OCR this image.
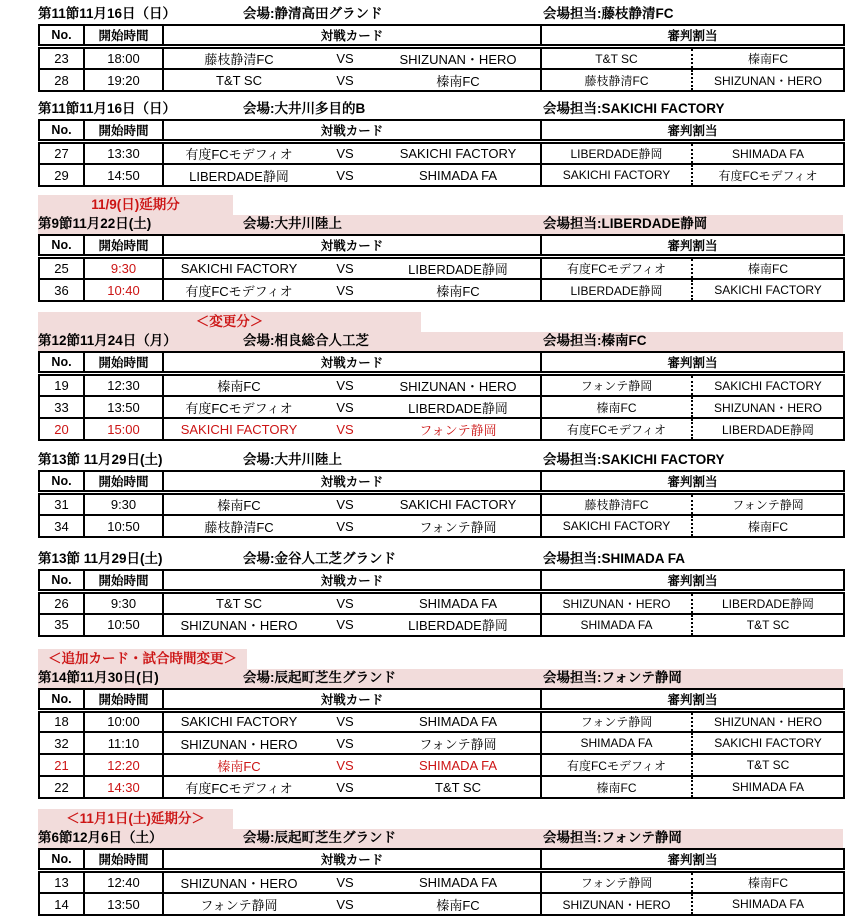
第11節11月16日（日）	会場:静清高田グランド	会場担当:藤枝静清FC
No.	開始時間	対戦カード	審判割当	
23	18:00	藤枝静清FC VS SHIZUNAN・HERO	T&T SC	榛南FC
28	19:20	T&T SC VS 榛南FC	藤枝静清FC	SHIZUNAN・HERO
第11節11月16日（日）	会場:大井川多目的B	会場担当:SAKICHI FACTORY
No.	開始時間	対戦カード	審判割当	
27	13:30	有度FCモデフィオ VS SAKICHI FACTORY	LIBERDADE静岡	SHIMADA FA
29	14:50	LIBERDADE静岡 VS SHIMADA FA	SAKICHI FACTORY	有度FCモデフィオ
11/9(日)延期分
第9節11月22日(土)	会場:大井川陸上	会場担当:LIBERDADE静岡
No.	開始時間	対戦カード	審判割当	
25	9:30	SAKICHI FACTORY VS LIBERDADE静岡	有度FCモデフィオ	榛南FC
36	10:40	有度FCモデフィオ VS 榛南FC	LIBERDADE静岡	SAKICHI FACTORY
＜変更分＞
第12節11月24日（月）	会場:相良総合人工芝	会場担当:榛南FC
No.	開始時間	対戦カード	審判割当	
19	12:30	榛南FC VS SHIZUNAN・HERO	フォンテ静岡	SAKICHI FACTORY
33	13:50	有度FCモデフィオ VS LIBERDADE静岡	榛南FC	SHIZUNAN・HERO
20	15:00	SAKICHI FACTORY VS フォンテ静岡	有度FCモデフィオ	LIBERDADE静岡
第13節 11月29日(土)	会場:大井川陸上	会場担当:SAKICHI FACTORY
No.	開始時間	対戦カード	審判割当	
31	9:30	榛南FC VS SAKICHI FACTORY	藤枝静清FC	フォンテ静岡
34	10:50	藤枝静清FC VS フォンテ静岡	SAKICHI FACTORY	榛南FC
第13節 11月29日(土)	会場:金谷人工芝グランド	会場担当:SHIMADA FA
No.	開始時間	対戦カード	審判割当	
26	9:30	T&T SC VS SHIMADA FA	SHIZUNAN・HERO	LIBERDADE静岡
35	10:50	SHIZUNAN・HERO VS LIBERDADE静岡	SHIMADA FA	T&T SC
＜追加カード・試合時間変更＞
第14節11月30日(日)	会場:辰起町芝生グランド	会場担当:フォンテ静岡
No.	開始時間	対戦カード	審判割当	
18	10:00	SAKICHI FACTORY VS SHIMADA FA	フォンテ静岡	SHIZUNAN・HERO
32	11:10	SHIZUNAN・HERO VS フォンテ静岡	SHIMADA FA	SAKICHI FACTORY
21	12:20	榛南FC VS SHIMADA FA	有度FCモデフィオ	T&T SC
22	14:30	有度FCモデフィオ VS T&T SC	榛南FC	SHIMADA FA
＜11月1日(土)延期分＞
第6節12月6日（土）	会場:辰起町芝生グランド	会場担当:フォンテ静岡
No.	開始時間	対戦カード	審判割当	
13	12:40	SHIZUNAN・HERO VS SHIMADA FA	フォンテ静岡	榛南FC
14	13:50	フォンテ静岡 VS 榛南FC	SHIZUNAN・HERO	SHIMADA FA
